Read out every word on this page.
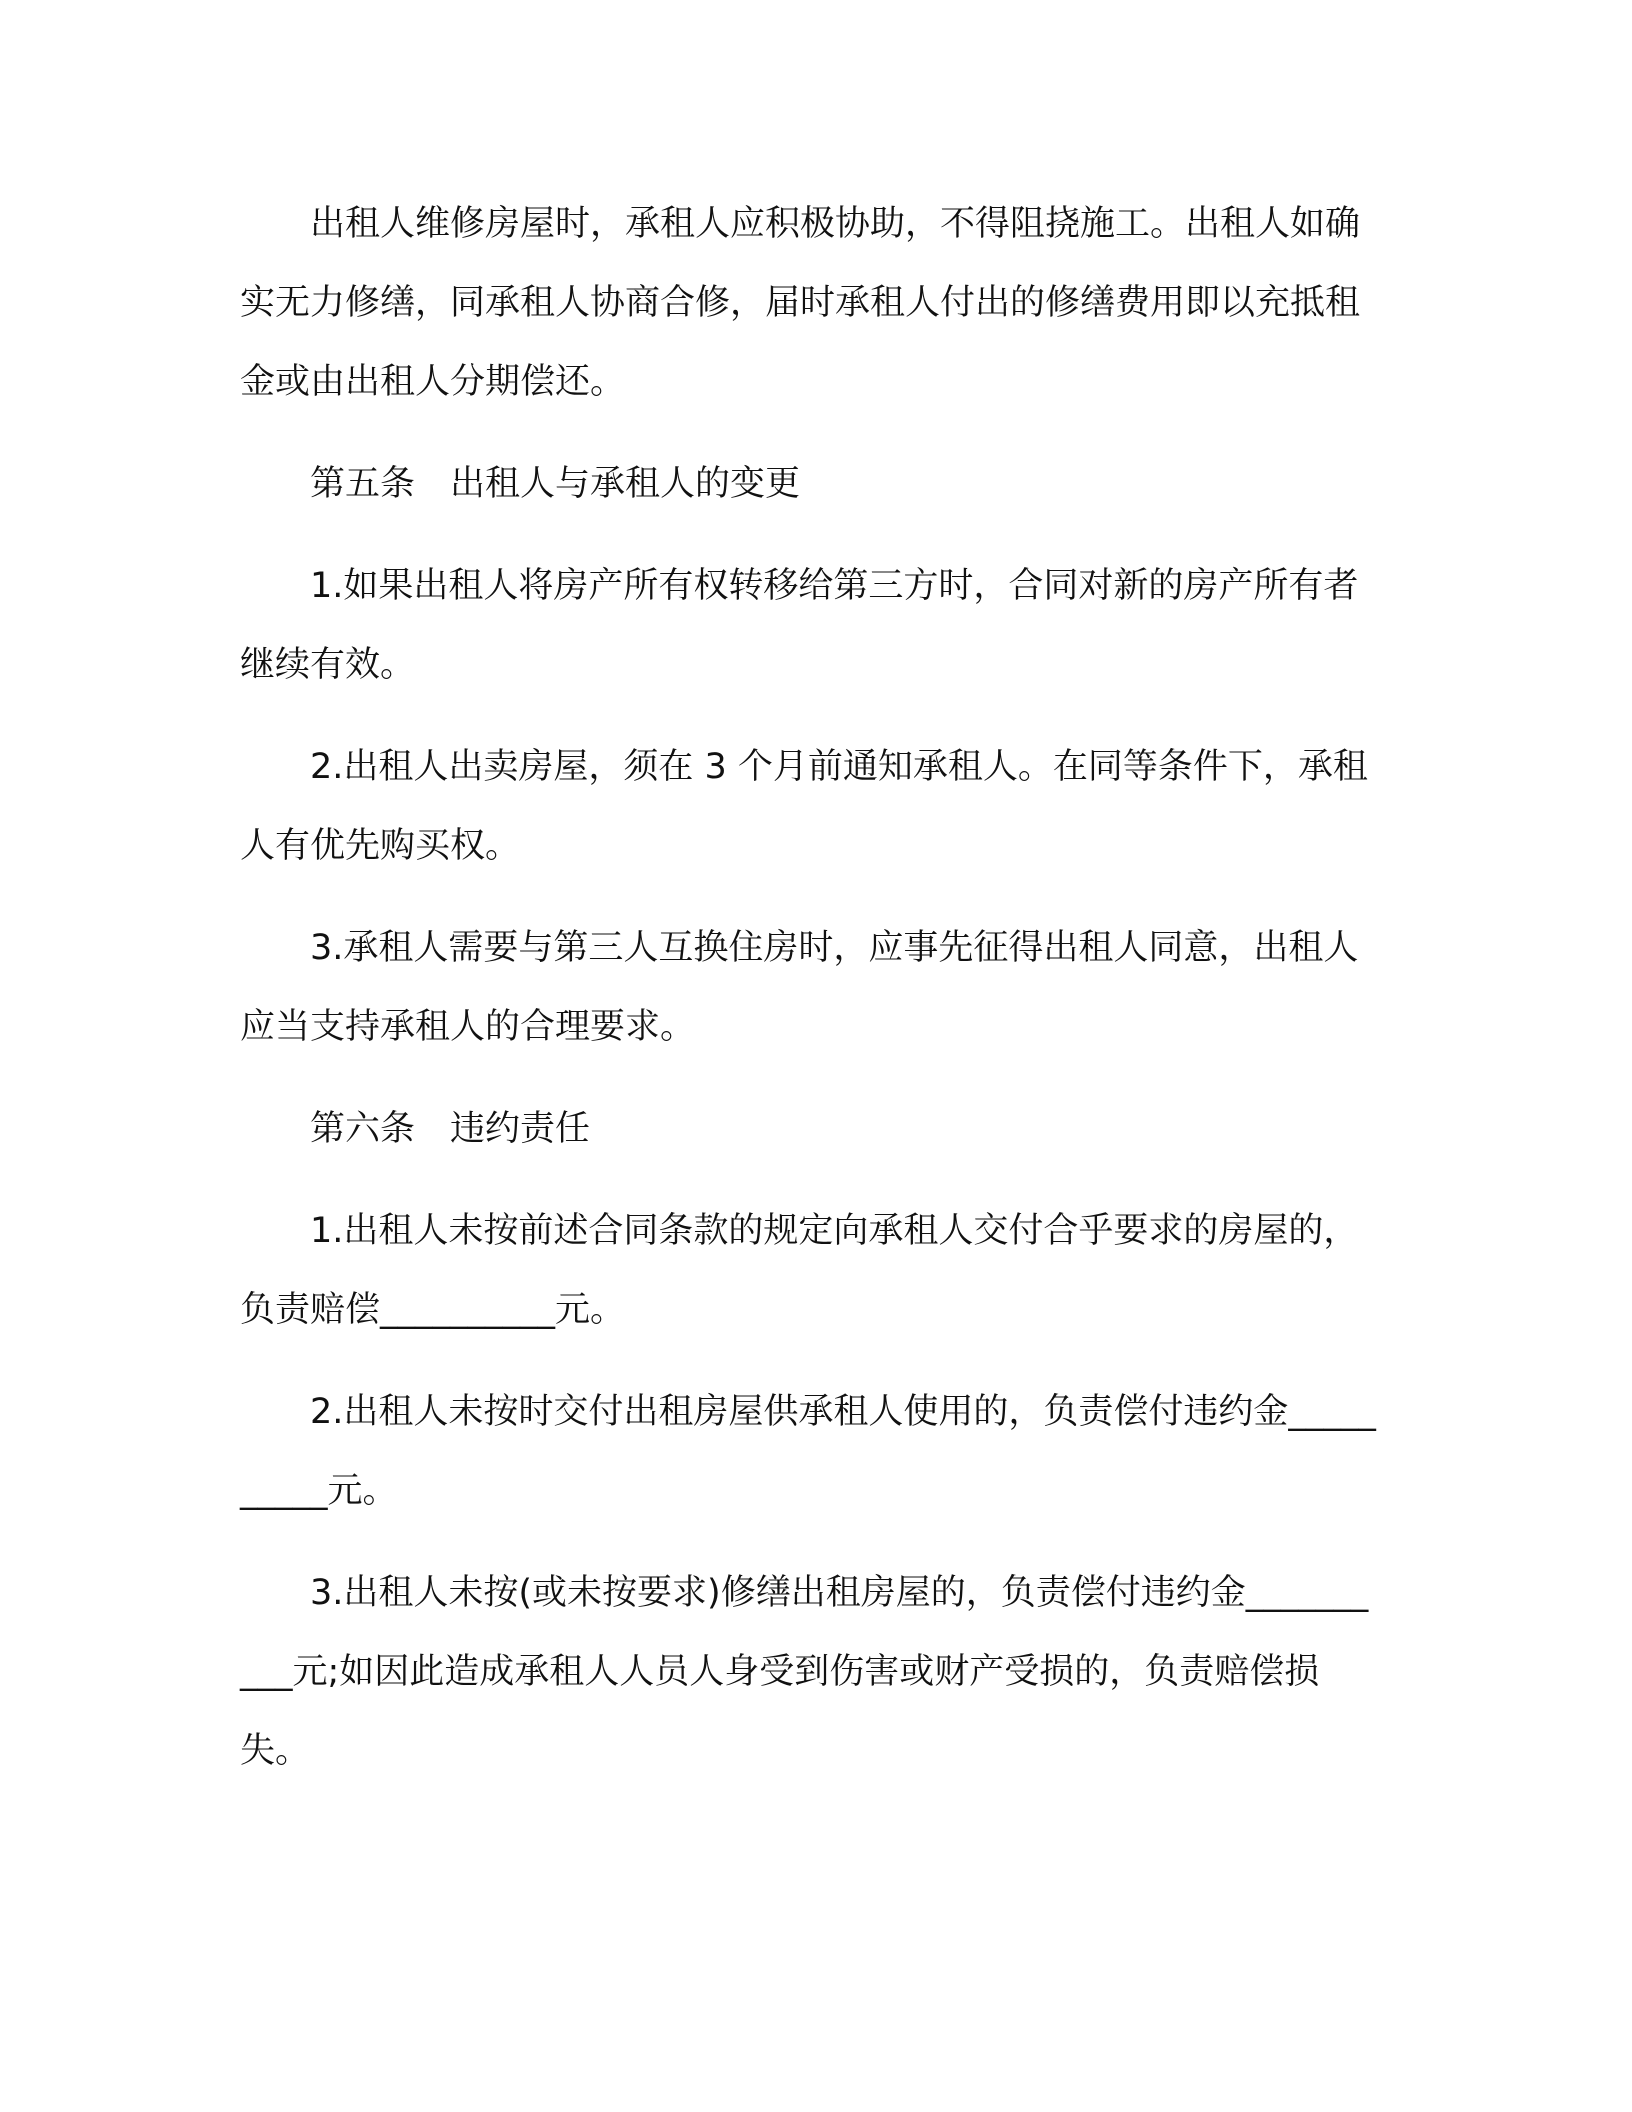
出租人维修房屋时，承租人应积极协助，不得阻挠施工。出租人如确实无力修缮，同承租人协商合修，届时承租人付出的修缮费用即以充抵租金或由出租人分期偿还。

第五条　出租人与承租人的变更

1.如果出租人将房产所有权转移给第三方时，合同对新的房产所有者继续有效。

2.出租人出卖房屋，须在 3 个月前通知承租人。在同等条件下，承租人有优先购买权。

3.承租人需要与第三人互换住房时，应事先征得出租人同意，出租人应当支持承租人的合理要求。

第六条　违约责任

1.出租人未按前述合同条款的规定向承租人交付合乎要求的房屋的，负责赔偿__________元。

2.出租人未按时交付出租房屋供承租人使用的，负责偿付违约金__________元。

3.出租人未按(或未按要求)修缮出租房屋的，负责偿付违约金__________元;如因此造成承租人人员人身受到伤害或财产受损的，负责赔偿损失。
